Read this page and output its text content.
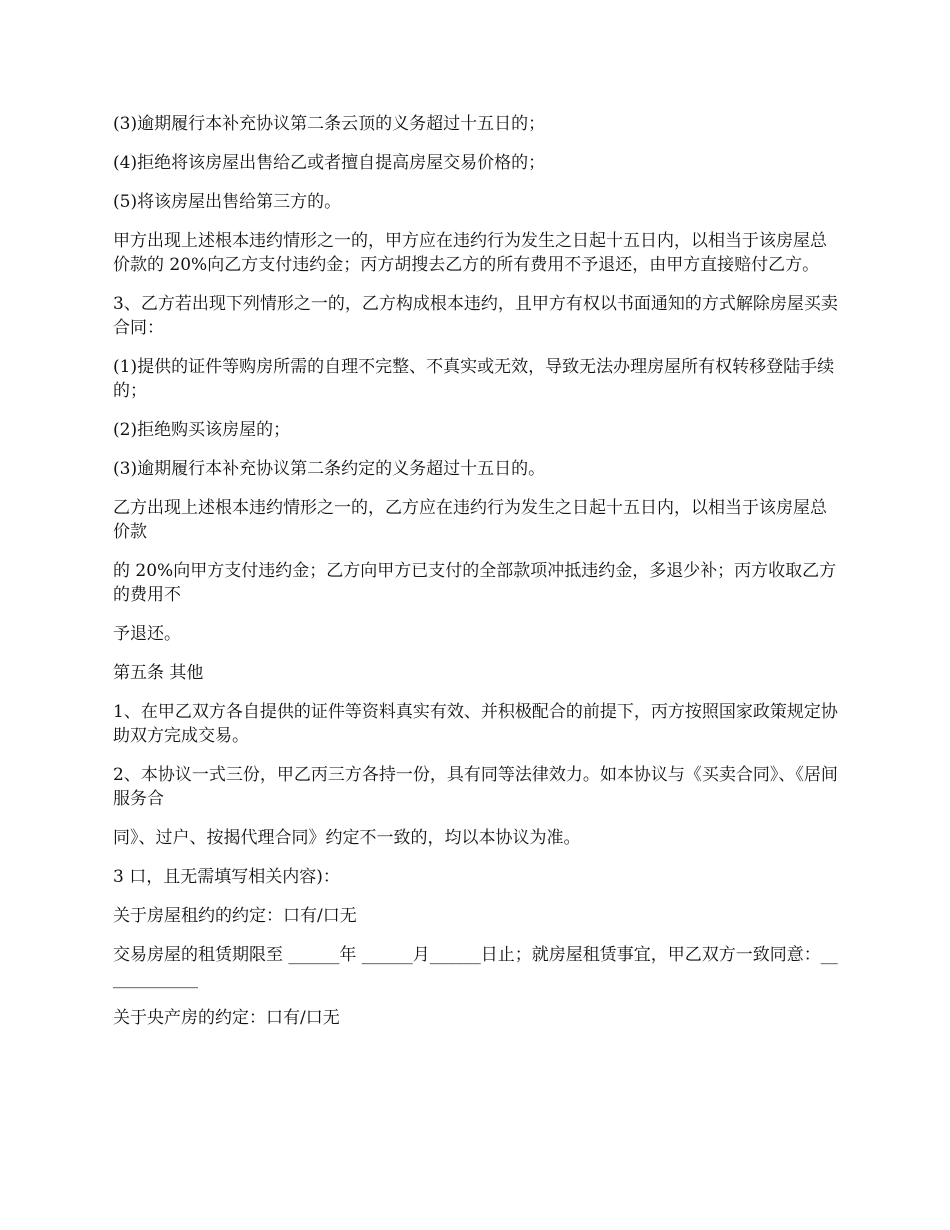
(3)逾期履行本补充协议第二条云顶的义务超过十五日的；

(4)拒绝将该房屋出售给乙或者擅自提高房屋交易价格的；

(5)将该房屋出售给第三方的。

甲方出现上述根本违约情形之一的，甲方应在违约行为发生之日起十五日内，以相当于该房屋总价款的 20%向乙方支付违约金；丙方胡搜去乙方的所有费用不予退还，由甲方直接赔付乙方。

3、乙方若出现下列情形之一的，乙方构成根本违约，且甲方有权以书面通知的方式解除房屋买卖合同：

(1)提供的证件等购房所需的自理不完整、不真实或无效，导致无法办理房屋所有权转移登陆手续的；

(2)拒绝购买该房屋的；

(3)逾期履行本补充协议第二条约定的义务超过十五日的。

乙方出现上述根本违约情形之一的，乙方应在违约行为发生之日起十五日内，以相当于该房屋总价款

的 20%向甲方支付违约金；乙方向甲方已支付的全部款项冲抵违约金，多退少补；丙方收取乙方的费用不

予退还。

第五条 其他

1、在甲乙双方各自提供的证件等资料真实有效、并积极配合的前提下，丙方按照国家政策规定协助双方完成交易。

2、本协议一式三份，甲乙丙三方各持一份，具有同等法律效力。如本协议与《买卖合同》、《居间服务合

同》、过户、按揭代理合同》约定不一致的，均以本协议为准。

3 口，且无需填写相关内容)：

关于房屋租约的约定：口有/口无

交易房屋的租赁期限至 ______年 ______月______日止；就房屋租赁事宜，甲乙双方一致同意：____________

关于央产房的约定：口有/口无
